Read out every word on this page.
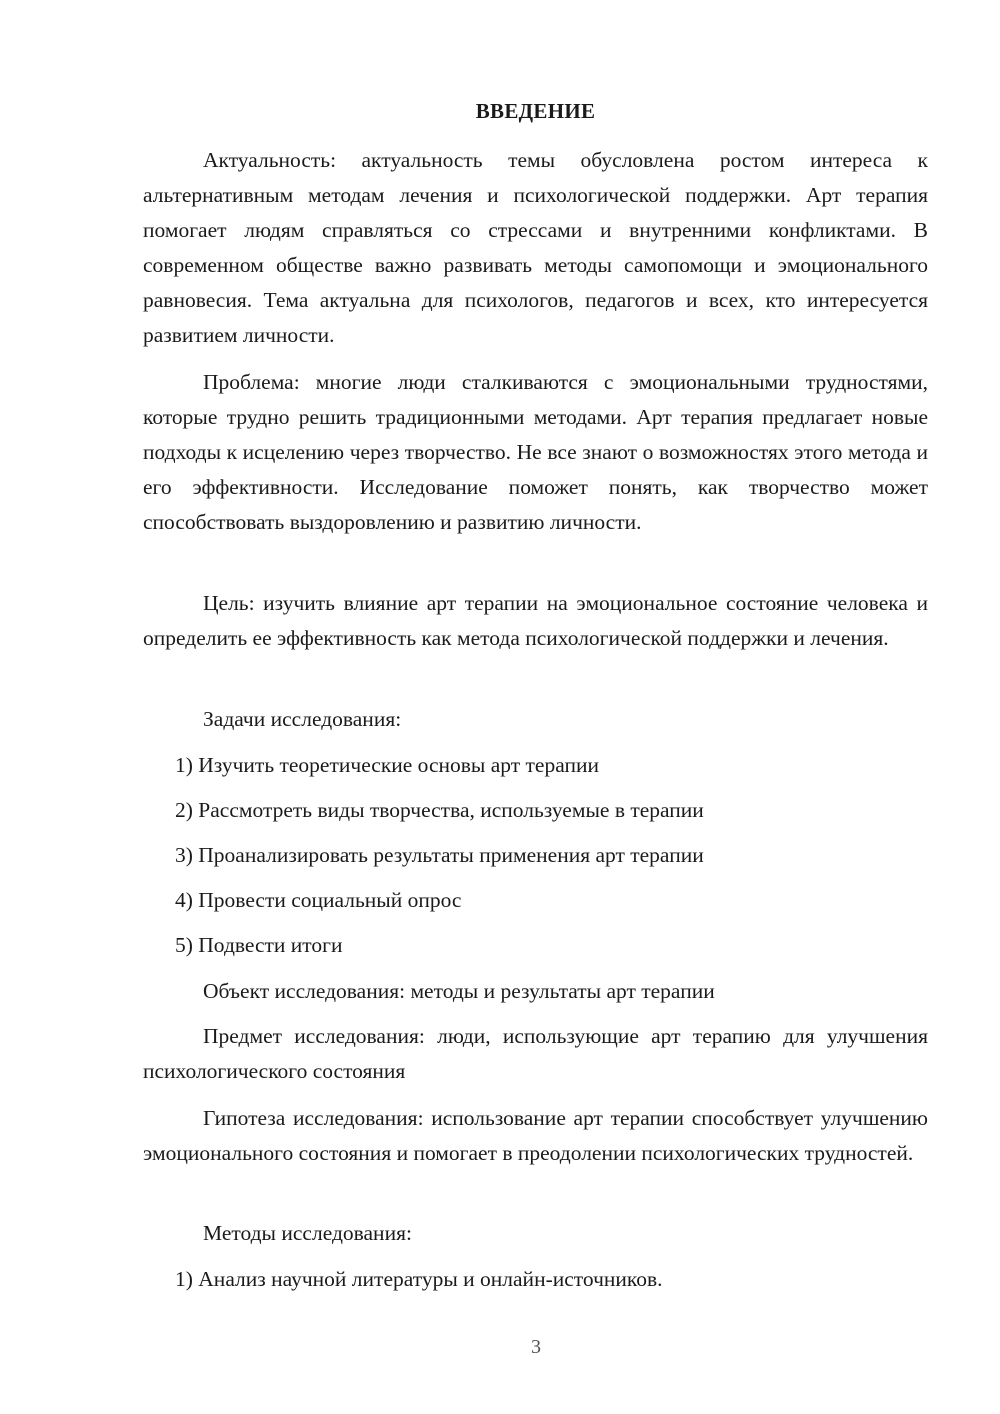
ВВЕДЕНИЕ

Актуальность: актуальность темы обусловлена ростом интереса к альтернативным методам лечения и психологической поддержки. Арт терапия помогает людям справляться со стрессами и внутренними конфликтами. В современном обществе важно развивать методы самопомощи и эмоционального равновесия. Тема актуальна для психологов, педагогов и всех, кто интересуется развитием личности.

Проблема: многие люди сталкиваются с эмоциональными трудностями, которые трудно решить традиционными методами. Арт терапия предлагает новые подходы к исцелению через творчество. Не все знают о возможностях этого метода и его эффективности. Исследование поможет понять, как творчество может способствовать выздоровлению и развитию личности.

Цель: изучить влияние арт терапии на эмоциональное состояние человека и определить ее эффективность как метода психологической поддержки и лечения.

Задачи исследования:

1) Изучить теоретические основы арт терапии

2) Рассмотреть виды творчества, используемые в терапии

3) Проанализировать результаты применения арт терапии

4) Провести социальный опрос

5) Подвести итоги

Объект исследования: методы и результаты арт терапии

Предмет исследования: люди, использующие арт терапию для улучшения психологического состояния

Гипотеза исследования: использование арт терапии способствует улучшению эмоционального состояния и помогает в преодолении психологических трудностей.

Методы исследования:

1) Анализ научной литературы и онлайн-источников.

3
